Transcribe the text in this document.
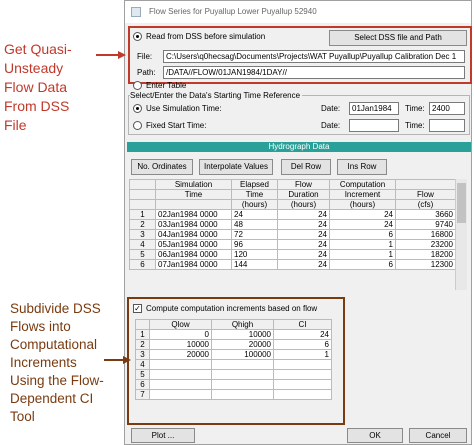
Get Quasi-
Unsteady
Flow Data
From DSS
File
Subdivide DSS
Flows into
Computational
Increments
Using the Flow-
Dependent CI
Tool
Flow Series for Puyallup Lower Puyallup 52940
Read from DSS before simulation	Select DSS file and Path
File:	C:\Users\q0hecsag\Documents\Projects\WAT Puyallup\Puyallup Calibration Dec 1
Path:	/DATA//FLOW/01JAN1984/1DAY//
Enter Table
Select/Enter the Data's Starting Time Reference
Use Simulation Time:	Date:	01Jan1984	Time: 2400
Fixed Start Time:	Date:	Time:
Hydrograph Data
No. Ordinates	Interpolate Values	Del Row	Ins Row
	Simulation	Elapsed	Flow	Computation	
	Time	Time	Duration	Increment	Flow
		(hours)	(hours)	(hours)	(cfs)
1	02Jan1984 0000	24	24	24	3660
2	03Jan1984 0000	48	24	24	9740
3	04Jan1984 0000	72	24	6	16800
4	05Jan1984 0000	96	24	1	23200
5	06Jan1984 0000	120	24	1	18200
6	07Jan1984 0000	144	24	6	12300
✓ Compute computation increments based on flow
	Qlow	Qhigh	CI
1	0	10000	24
2	10000	20000	6
3	20000	100000	1
4			
5			
6			
7			
Plot ...	OK	Cancel
